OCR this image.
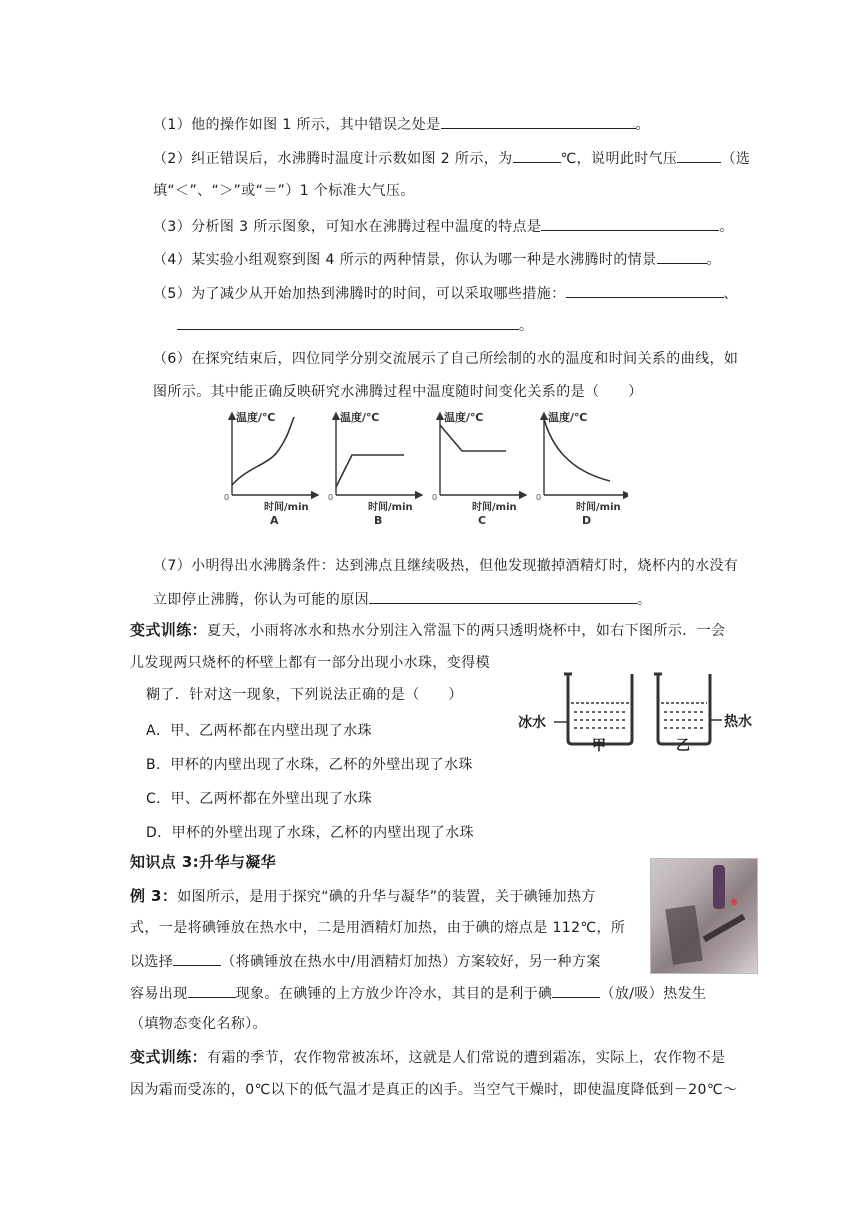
（1）他的操作如图 1 所示，其中错误之处是	。
（2）纠正错误后，水沸腾时温度计示数如图 2 所示，为	℃，说明此时气压	（选
填“＜”、“＞”或“＝”）1 个标准大气压。
（3）分析图 3 所示图象，可知水在沸腾过程中温度的特点是	。
（4）某实验小组观察到图 4 所示的两种情景，你认为哪一种是水沸腾时的情景	。
（5）为了减少从开始加热到沸腾时的时间，可以采取哪些措施：	、
。
（6）在探究结束后，四位同学分别交流展示了自己所绘制的水的温度和时间关系的曲线，如
图所示。其中能正确反映研究水沸腾过程中温度随时间变化关系的是（　　）
温度/℃
0
时间/min
A
温度/℃
0
时间/min
B
温度/℃
0
时间/min
C
温度/℃
0
时间/min
D
（7）小明得出水沸腾条件：达到沸点且继续吸热，但他发现撤掉酒精灯时，烧杯内的水没有
立即停止沸腾，你认为可能的原因	。
变式训练：夏天，小雨将冰水和热水分别注入常温下的两只透明烧杯中，如右下图所示．一会
儿发现两只烧杯的杯壁上都有一部分出现小水珠，变得模
糊了．针对这一现象，下列说法正确的是（　　）
A．甲、乙两杯都在内壁出现了水珠
B．甲杯的内壁出现了水珠，乙杯的外壁出现了水珠
C．甲、乙两杯都在外壁出现了水珠
D．甲杯的外壁出现了水珠，乙杯的内壁出现了水珠
冰水	热水
甲	乙
知识点 3:升华与凝华
例 3：如图所示，是用于探究“碘的升华与凝华”的装置，关于碘锤加热方
式，一是将碘锤放在热水中，二是用酒精灯加热，由于碘的熔点是 112℃，所
以选择	（将碘锤放在热水中/用酒精灯加热）方案较好，另一种方案
容易出现	现象。在碘锤的上方放少许冷水，其目的是利于碘	（放/吸）热发生
（填物态变化名称）。
变式训练：有霜的季节，农作物常被冻坏，这就是人们常说的遭到霜冻，实际上，农作物不是
因为霜而受冻的，0℃以下的低气温才是真正的凶手。当空气干燥时，即使温度降低到－20℃～
